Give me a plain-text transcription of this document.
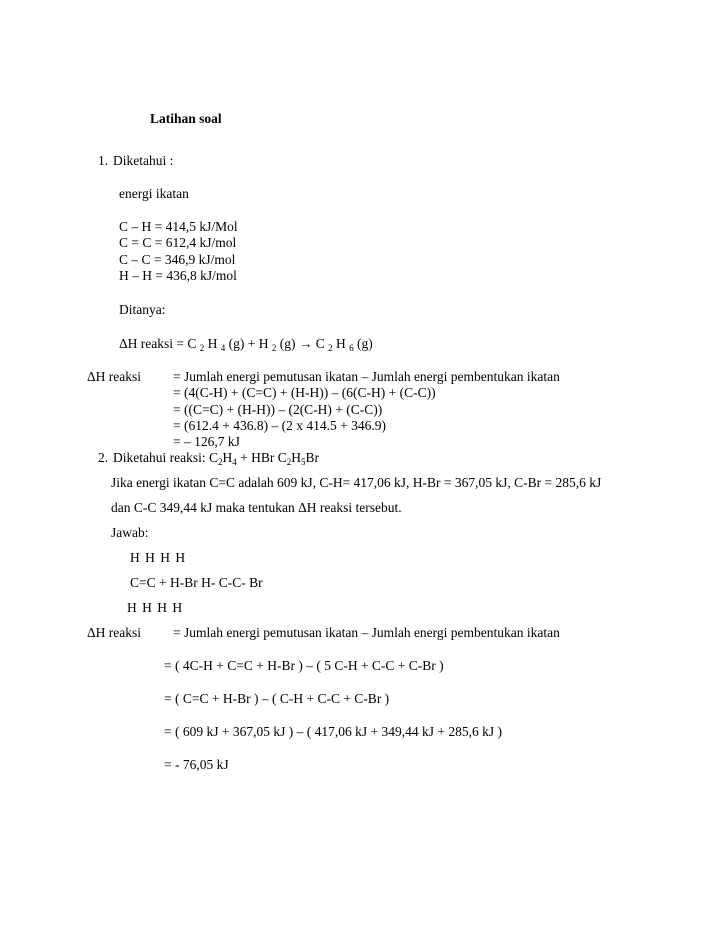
Latihan soal
1. Diketahui :
energi ikatan
C – H = 414,5 kJ/Mol
C = C = 612,4 kJ/mol
C – C = 346,9 kJ/mol
H – H = 436,8 kJ/mol
Ditanya:
ΔH reaksi = C $_2$ H $_4$ (g) + H $_2$ (g) → C $_2$ H $_6$ (g)
ΔH reaksi = Jumlah energi pemutusan ikatan – Jumlah energi pembentukan ikatan
= (4(C-H) + (C=C) + (H-H)) – (6(C-H) + (C-C))
= ((C=C) + (H-H)) – (2(C-H) + (C-C))
= (612.4 + 436.8) – (2 x 414.5 + 346.9)
= – 126,7 kJ
2. Diketahui reaksi: $C_2H_4$ + HBr $C_2H_5Br$
Jika energi ikatan C=C adalah 609 kJ, C-H= 417,06 kJ, H-Br = 367,05 kJ, C-Br = 285,6 kJ
dan C-C 349,44 kJ maka tentukan ΔH reaksi tersebut.
Jawab:
H H H H
C=C + H-Br H- C-C- Br
H H H H
ΔH reaksi = Jumlah energi pemutusan ikatan – Jumlah energi pembentukan ikatan
= ( 4C-H + C=C + H-Br ) – ( 5 C-H + C-C + C-Br )
= ( C=C + H-Br ) – ( C-H + C-C + C-Br )
= ( 609 kJ + 367,05 kJ ) – ( 417,06 kJ + 349,44 kJ + 285,6 kJ )
= - 76,05 kJ
